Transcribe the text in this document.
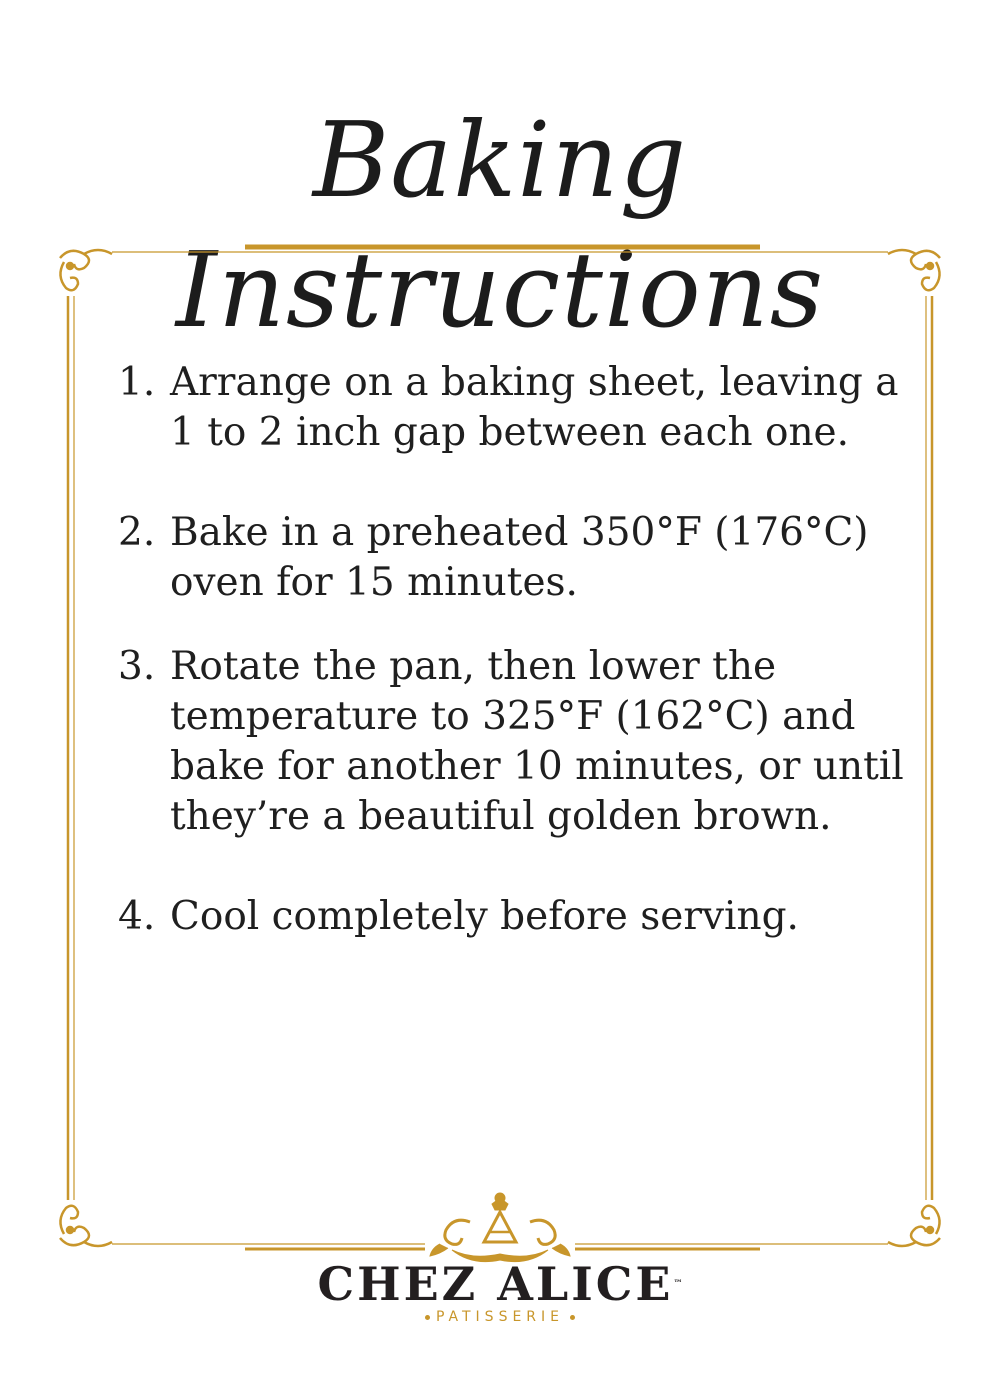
Baking Instructions
1. Arrange on a baking sheet, leaving a 1 to 2 inch gap between each one.
2. Bake in a preheated 350°F (176°C) oven for 15 minutes.
3. Rotate the pan, then lower the temperature to 325°F (162°C) and bake for another 10 minutes, or until they’re a beautiful golden brown.
4. Cool completely before serving.
CHEZ ALICE™
PATISSERIE
